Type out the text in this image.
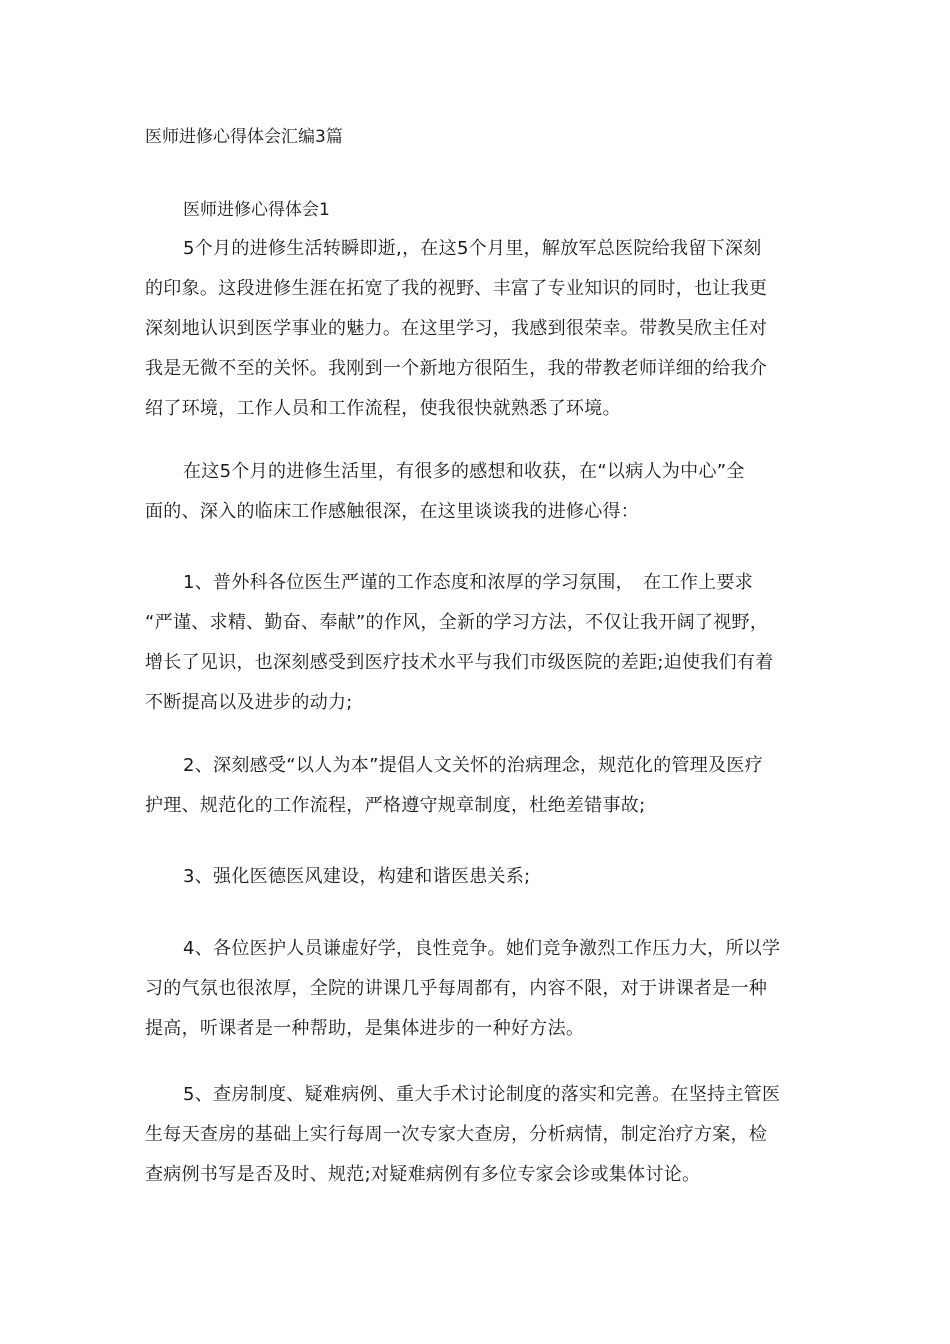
医师进修心得体会汇编3篇
医师进修心得体会1
5个月的进修生活转瞬即逝,，在这5个月里，解放军总医院给我留下深刻
的印象。这段进修生涯在拓宽了我的视野、丰富了专业知识的同时，也让我更
深刻地认识到医学事业的魅力。在这里学习，我感到很荣幸。带教吴欣主任对
我是无微不至的关怀。我刚到一个新地方很陌生，我的带教老师详细的给我介
绍了环境，工作人员和工作流程，使我很快就熟悉了环境。
在这5个月的进修生活里，有很多的感想和收获，在“以病人为中心”全
面的、深入的临床工作感触很深，在这里谈谈我的进修心得：
1、普外科各位医生严谨的工作态度和浓厚的学习氛围，　在工作上要求
“严谨、求精、勤奋、奉献”的作风，全新的学习方法，不仅让我开阔了视野，
增长了见识，也深刻感受到医疗技术水平与我们市级医院的差距;迫使我们有着
不断提高以及进步的动力;
2、深刻感受“以人为本”提倡人文关怀的治病理念，规范化的管理及医疗
护理、规范化的工作流程，严格遵守规章制度，杜绝差错事故;
3、强化医德医风建设，构建和谐医患关系;
4、各位医护人员谦虚好学，良性竞争。她们竞争激烈工作压力大，所以学
习的气氛也很浓厚，全院的讲课几乎每周都有，内容不限，对于讲课者是一种
提高，听课者是一种帮助，是集体进步的一种好方法。
5、查房制度、疑难病例、重大手术讨论制度的落实和完善。在坚持主管医
生每天查房的基础上实行每周一次专家大查房，分析病情，制定治疗方案，检
查病例书写是否及时、规范;对疑难病例有多位专家会诊或集体讨论。
